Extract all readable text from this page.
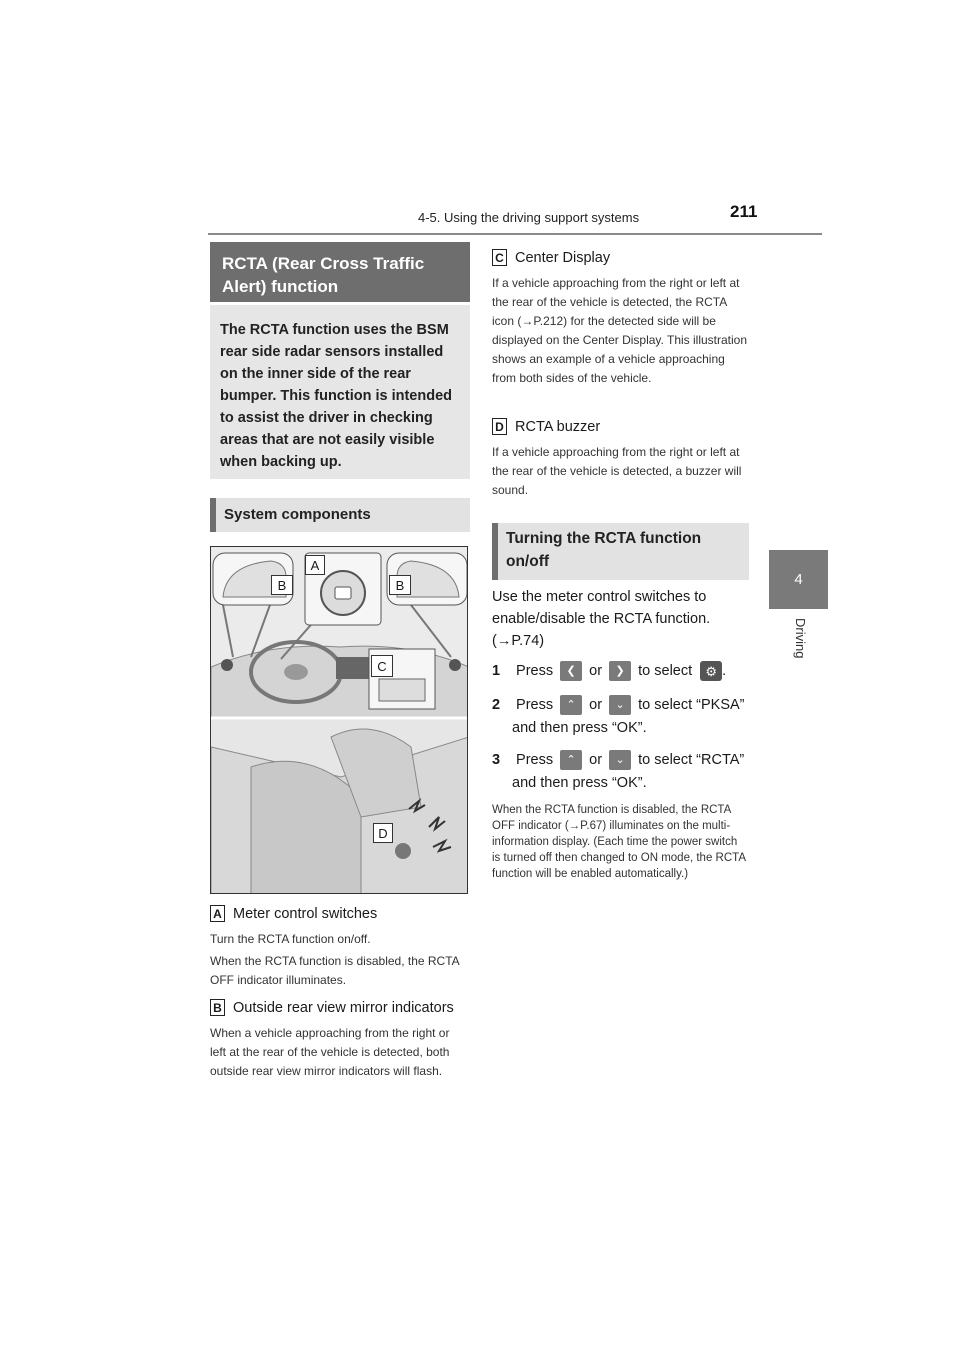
4-5. Using the driving support systems	211
4
Driving
RCTA (Rear Cross Traffic Alert) function
The RCTA function uses the BSM rear side radar sensors installed on the inner side of the rear bumper. This function is intended to assist the driver in checking areas that are not easily visible when backing up.
System components
B
A
B
C
D
A Meter control switches
Turn the RCTA function on/off.
When the RCTA function is disabled, the RCTA OFF indicator illuminates.
B Outside rear view mirror indicators
When a vehicle approaching from the right or left at the rear of the vehicle is detected, both outside rear view mirror indicators will flash.
C Center Display
If a vehicle approaching from the right or left at the rear of the vehicle is detected, the RCTA icon (→P.212) for the detected side will be displayed on the Center Display. This illustration shows an example of a vehicle approaching from both sides of the vehicle.
D RCTA buzzer
If a vehicle approaching from the right or left at the rear of the vehicle is detected, a buzzer will sound.
Turning the RCTA function on/off
Use the meter control switches to enable/disable the RCTA function. (→P.74)
1 Press ❮ or ❯ to select ⚙ .
2 Press ⌃ or ⌄ to select “PKSA”
and then press “OK”.
3 Press ⌃ or ⌄ to select “RCTA”
and then press “OK”.
When the RCTA function is disabled, the RCTA OFF indicator (→P.67) illuminates on the multi-information display. (Each time the power switch is turned off then changed to ON mode, the RCTA function will be enabled automatically.)
